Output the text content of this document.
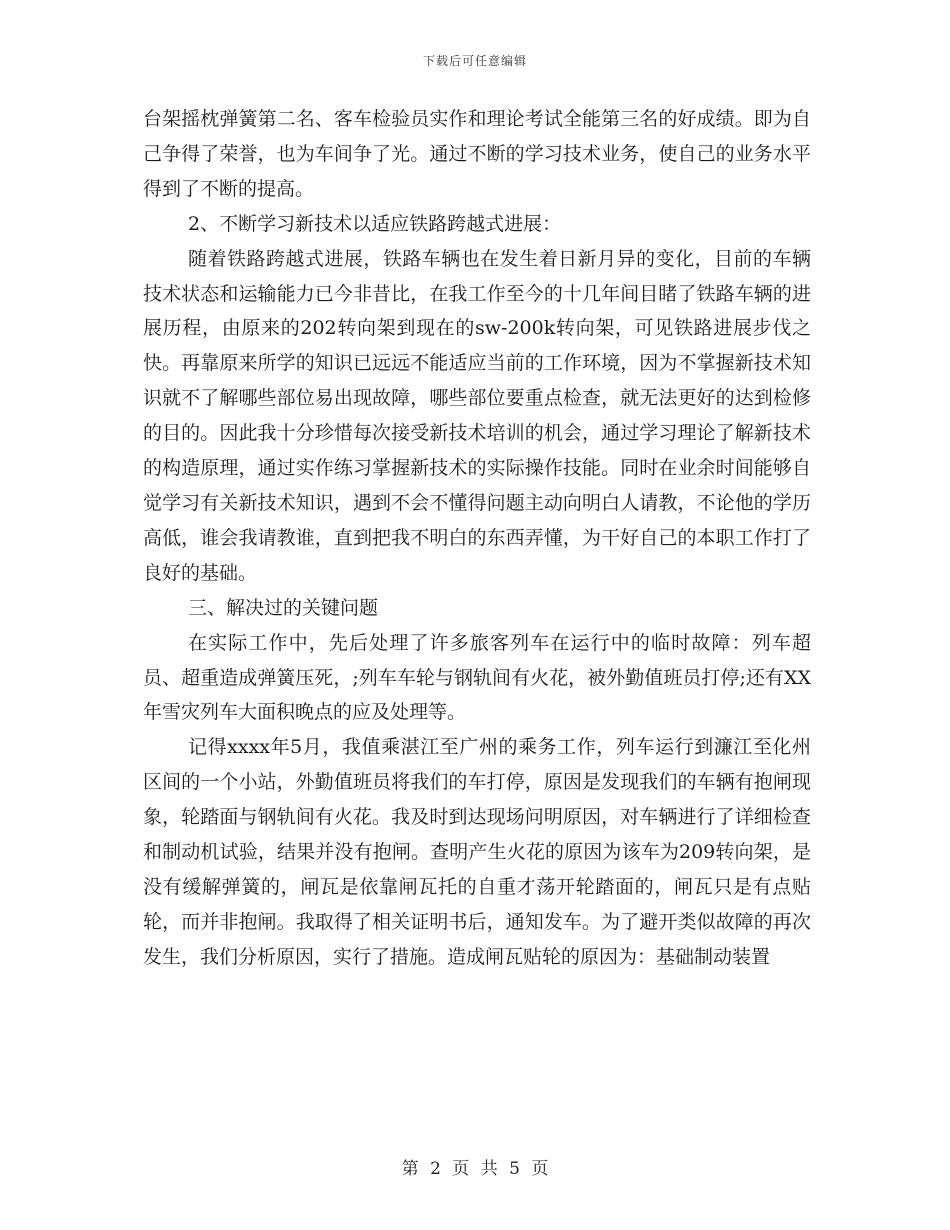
下载后可任意编辑

台架摇枕弹簧第二名、客车检验员实作和理论考试全能第三名的好成绩。即为自己争得了荣誉，也为车间争了光。通过不断的学习技术业务，使自己的业务水平得到了不断的提高。

2、不断学习新技术以适应铁路跨越式进展：

随着铁路跨越式进展，铁路车辆也在发生着日新月异的变化，目前的车辆技术状态和运输能力已今非昔比，在我工作至今的十几年间目睹了铁路车辆的进展历程，由原来的202转向架到现在的sw-200k转向架，可见铁路进展步伐之快。再靠原来所学的知识已远远不能适应当前的工作环境，因为不掌握新技术知识就不了解哪些部位易出现故障，哪些部位要重点检查，就无法更好的达到检修的目的。因此我十分珍惜每次接受新技术培训的机会，通过学习理论了解新技术的构造原理，通过实作练习掌握新技术的实际操作技能。同时在业余时间能够自觉学习有关新技术知识，遇到不会不懂得问题主动向明白人请教，不论他的学历高低，谁会我请教谁，直到把我不明白的东西弄懂，为干好自己的本职工作打了良好的基础。

三、解决过的关键问题

在实际工作中，先后处理了许多旅客列车在运行中的临时故障：列车超员、超重造成弹簧压死，;列车车轮与钢轨间有火花，被外勤值班员打停;还有XX年雪灾列车大面积晚点的应及处理等。

记得xxxx年5月，我值乘湛江至广州的乘务工作，列车运行到濂江至化州区间的一个小站，外勤值班员将我们的车打停，原因是发现我们的车辆有抱闸现象，轮踏面与钢轨间有火花。我及时到达现场问明原因，对车辆进行了详细检查和制动机试验，结果并没有抱闸。查明产生火花的原因为该车为209转向架，是没有缓解弹簧的，闸瓦是依靠闸瓦托的自重才荡开轮踏面的，闸瓦只是有点贴轮，而并非抱闸。我取得了相关证明书后，通知发车。为了避开类似故障的再次发生，我们分析原因，实行了措施。造成闸瓦贴轮的原因为：基础制动装置

第 2 页 共 5 页
